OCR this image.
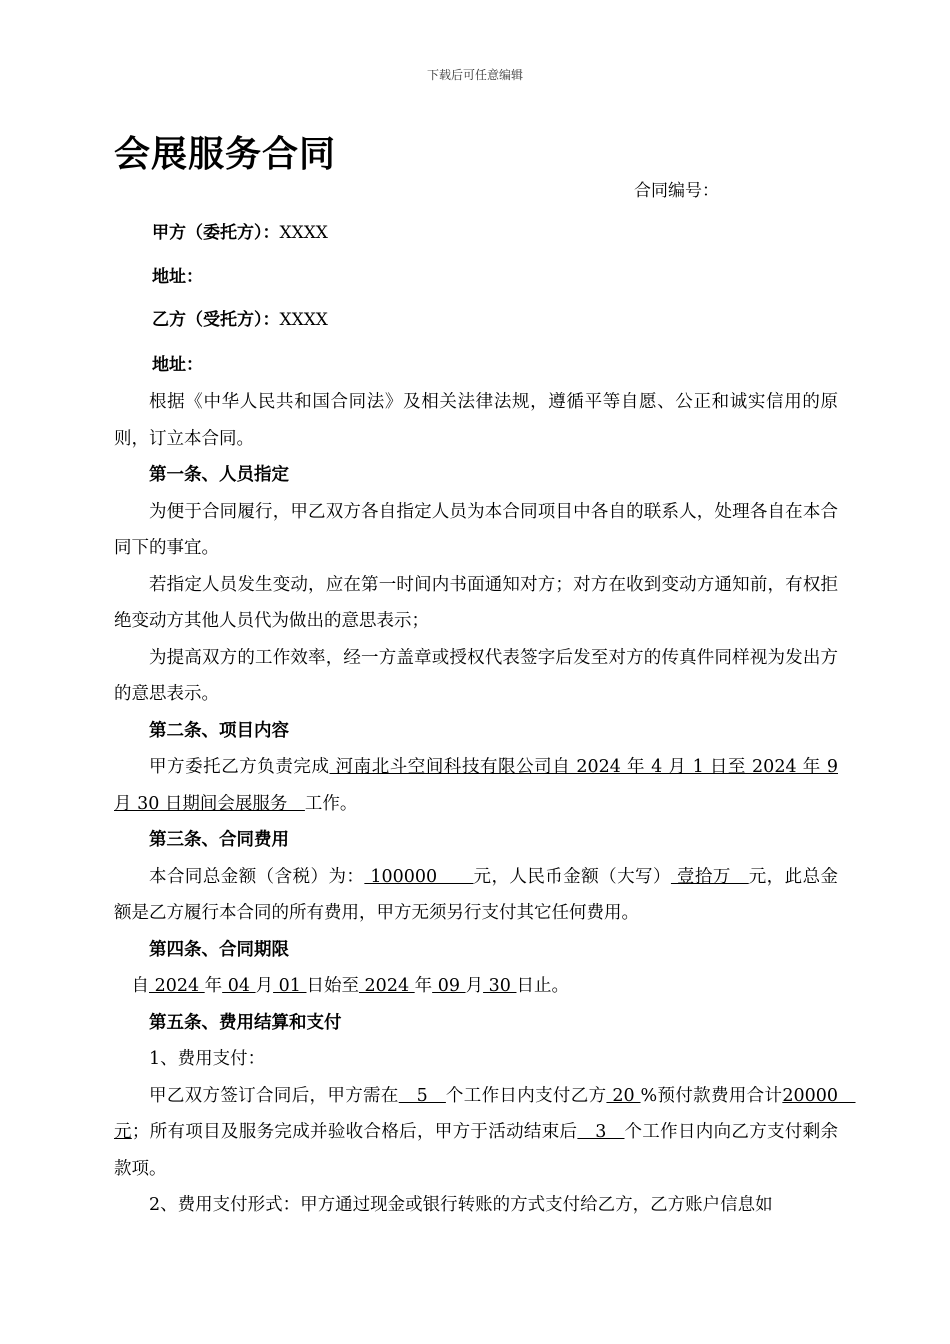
下载后可任意编辑
会展服务合同
合同编号：
甲方（委托方）：XXXX
地址：
乙方（受托方）：XXXX
地址：

根据《中华人民共和国合同法》及相关法律法规，遵循平等自愿、公正和诚实信用的原则，订立本合同。

第一条、人员指定

为便于合同履行，甲乙双方各自指定人员为本合同项目中各自的联系人，处理各自在本合同下的事宜。

若指定人员发生变动，应在第一时间内书面通知对方；对方在收到变动方通知前，有权拒绝变动方其他人员代为做出的意思表示；

为提高双方的工作效率，经一方盖章或授权代表签字后发至对方的传真件同样视为发出方的意思表示。

第二条、项目内容

甲方委托乙方负责完成 河南北斗空间科技有限公司自 2024 年 4 月 1 日至 2024 年 9 月 30 日期间会展服务　工作。

第三条、合同费用

本合同总金额（含税）为： 100000　　元，人民币金额（大写） 壹拾万　元，此总金额是乙方履行本合同的所有费用，甲方无须另行支付其它任何费用。

第四条、合同期限

自 2024 年 04 月 01 日始至 2024 年 09 月 30 日止。

第五条、费用结算和支付

1、费用支付：

甲乙双方签订合同后，甲方需在　5　个工作日内支付乙方 20 %预付款费用合计20000　元；所有项目及服务完成并验收合格后，甲方于活动结束后　3　个工作日内向乙方支付剩余款项。

2、费用支付形式：甲方通过现金或银行转账的方式支付给乙方，乙方账户信息如
